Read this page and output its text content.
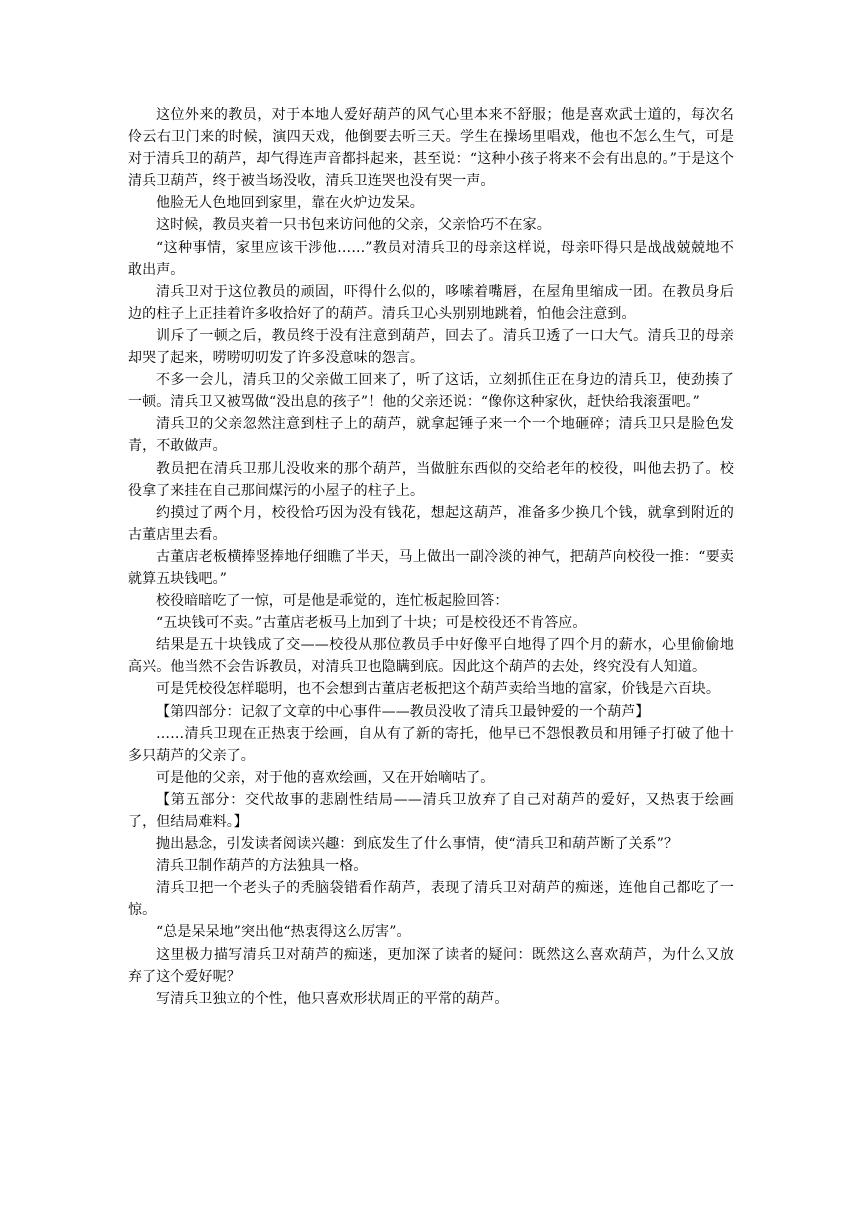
这位外来的教员，对于本地人爱好葫芦的风气心里本来不舒服；他是喜欢武士道的，每次名伶云右卫门来的时候，演四天戏，他倒要去听三天。学生在操场里唱戏，他也不怎么生气，可是对于清兵卫的葫芦，却气得连声音都抖起来，甚至说：“这种小孩子将来不会有出息的。”于是这个清兵卫葫芦，终于被当场没收，清兵卫连哭也没有哭一声。

他脸无人色地回到家里，靠在火炉边发呆。

这时候，教员夹着一只书包来访问他的父亲，父亲恰巧不在家。

“这种事情，家里应该干涉他……”教员对清兵卫的母亲这样说，母亲吓得只是战战兢兢地不敢出声。

清兵卫对于这位教员的顽固，吓得什么似的，哆嗦着嘴唇，在屋角里缩成一团。在教员身后边的柱子上正挂着许多收拾好了的葫芦。清兵卫心头别别地跳着，怕他会注意到。

训斥了一顿之后，教员终于没有注意到葫芦，回去了。清兵卫透了一口大气。清兵卫的母亲却哭了起来，唠唠叨叨发了许多没意味的怨言。

不多一会儿，清兵卫的父亲做工回来了，听了这话，立刻抓住正在身边的清兵卫，使劲揍了一顿。清兵卫又被骂做“没出息的孩子”！他的父亲还说：“像你这种家伙，赶快给我滚蛋吧。”

清兵卫的父亲忽然注意到柱子上的葫芦，就拿起锤子来一个一个地砸碎；清兵卫只是脸色发青，不敢做声。

教员把在清兵卫那儿没收来的那个葫芦，当做脏东西似的交给老年的校役，叫他去扔了。校役拿了来挂在自己那间煤污的小屋子的柱子上。

约摸过了两个月，校役恰巧因为没有钱花，想起这葫芦，准备多少换几个钱，就拿到附近的古董店里去看。

古董店老板横捧竖捧地仔细瞧了半天，马上做出一副冷淡的神气，把葫芦向校役一推：“要卖就算五块钱吧。”

校役暗暗吃了一惊，可是他是乖觉的，连忙板起脸回答：

“五块钱可不卖。”古董店老板马上加到了十块；可是校役还不肯答应。

结果是五十块钱成了交——校役从那位教员手中好像平白地得了四个月的薪水，心里偷偷地高兴。他当然不会告诉教员，对清兵卫也隐瞒到底。因此这个葫芦的去处，终究没有人知道。

可是凭校役怎样聪明，也不会想到古董店老板把这个葫芦卖给当地的富家，价钱是六百块。

【第四部分：记叙了文章的中心事件——教员没收了清兵卫最钟爱的一个葫芦】

……清兵卫现在正热衷于绘画，自从有了新的寄托，他早已不怨恨教员和用锤子打破了他十多只葫芦的父亲了。

可是他的父亲，对于他的喜欢绘画，又在开始嘀咕了。

【第五部分：交代故事的悲剧性结局——清兵卫放弃了自己对葫芦的爱好，又热衷于绘画了，但结局难料。】

抛出悬念，引发读者阅读兴趣：到底发生了什么事情，使“清兵卫和葫芦断了关系”？

清兵卫制作葫芦的方法独具一格。

清兵卫把一个老头子的秃脑袋错看作葫芦，表现了清兵卫对葫芦的痴迷，连他自己都吃了一惊。

“总是呆呆地”突出他“热衷得这么厉害”。

这里极力描写清兵卫对葫芦的痴迷，更加深了读者的疑问：既然这么喜欢葫芦，为什么又放弃了这个爱好呢？

写清兵卫独立的个性，他只喜欢形状周正的平常的葫芦。
